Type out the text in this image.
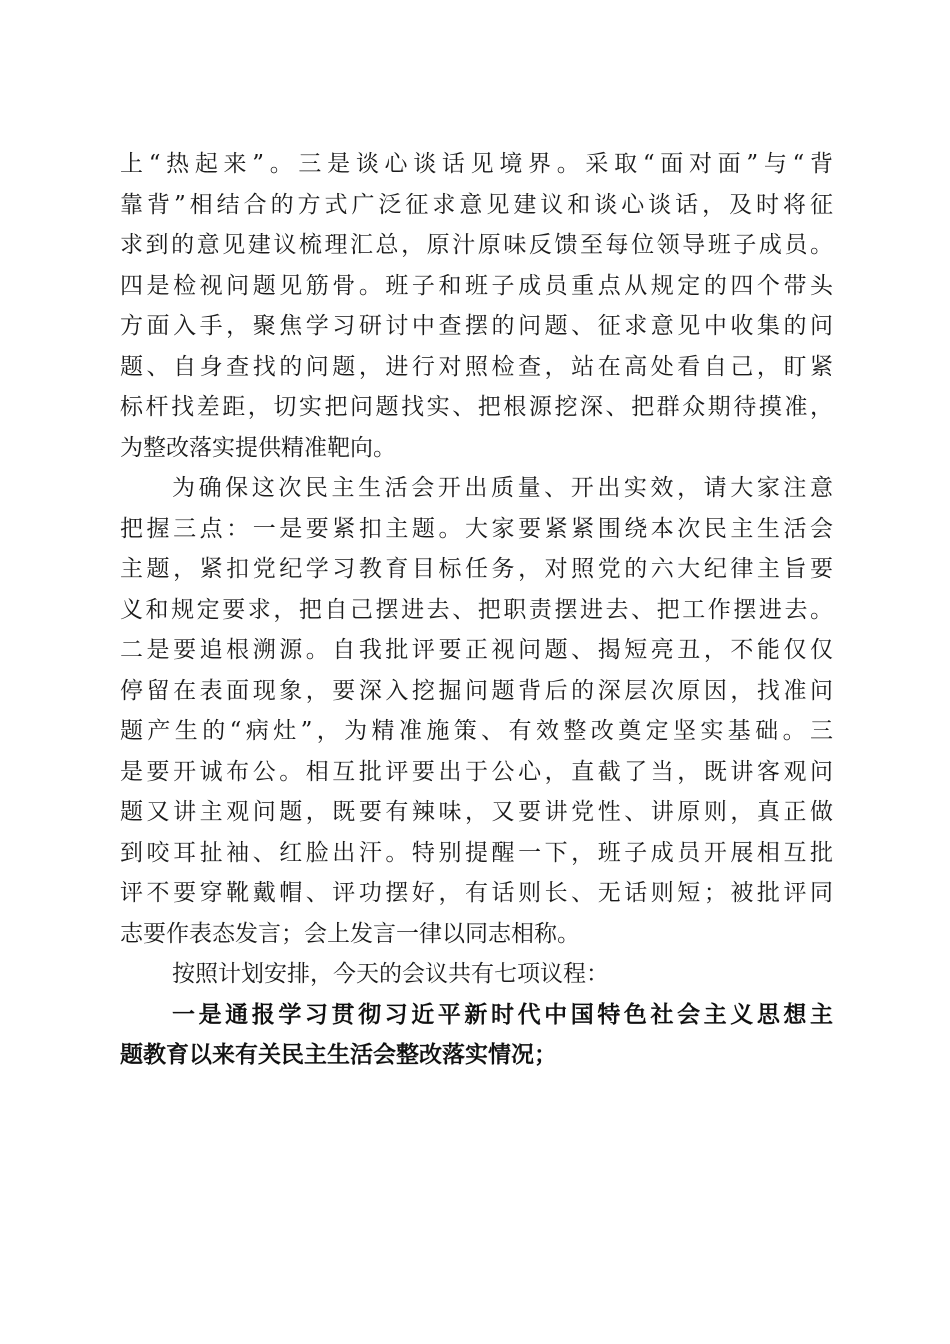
上“热起来”。三是谈心谈话见境界。采取“面对面”与“背
靠背”相结合的方式广泛征求意见建议和谈心谈话，及时将征
求到的意见建议梳理汇总，原汁原味反馈至每位领导班子成员。
四是检视问题见筋骨。班子和班子成员重点从规定的四个带头
方面入手，聚焦学习研讨中查摆的问题、征求意见中收集的问
题、自身查找的问题，进行对照检查，站在高处看自己，盯紧
标杆找差距，切实把问题找实、把根源挖深、把群众期待摸准，
为整改落实提供精准靶向。
为确保这次民主生活会开出质量、开出实效，请大家注意
把握三点：一是要紧扣主题。大家要紧紧围绕本次民主生活会
主题，紧扣党纪学习教育目标任务，对照党的六大纪律主旨要
义和规定要求，把自己摆进去、把职责摆进去、把工作摆进去。
二是要追根溯源。自我批评要正视问题、揭短亮丑，不能仅仅
停留在表面现象，要深入挖掘问题背后的深层次原因，找准问
题产生的“病灶”，为精准施策、有效整改奠定坚实基础。三
是要开诚布公。相互批评要出于公心，直截了当，既讲客观问
题又讲主观问题，既要有辣味，又要讲党性、讲原则，真正做
到咬耳扯袖、红脸出汗。特别提醒一下，班子成员开展相互批
评不要穿靴戴帽、评功摆好，有话则长、无话则短；被批评同
志要作表态发言；会上发言一律以同志相称。
按照计划安排，今天的会议共有七项议程：
一是通报学习贯彻习近平新时代中国特色社会主义思想主
题教育以来有关民主生活会整改落实情况；
